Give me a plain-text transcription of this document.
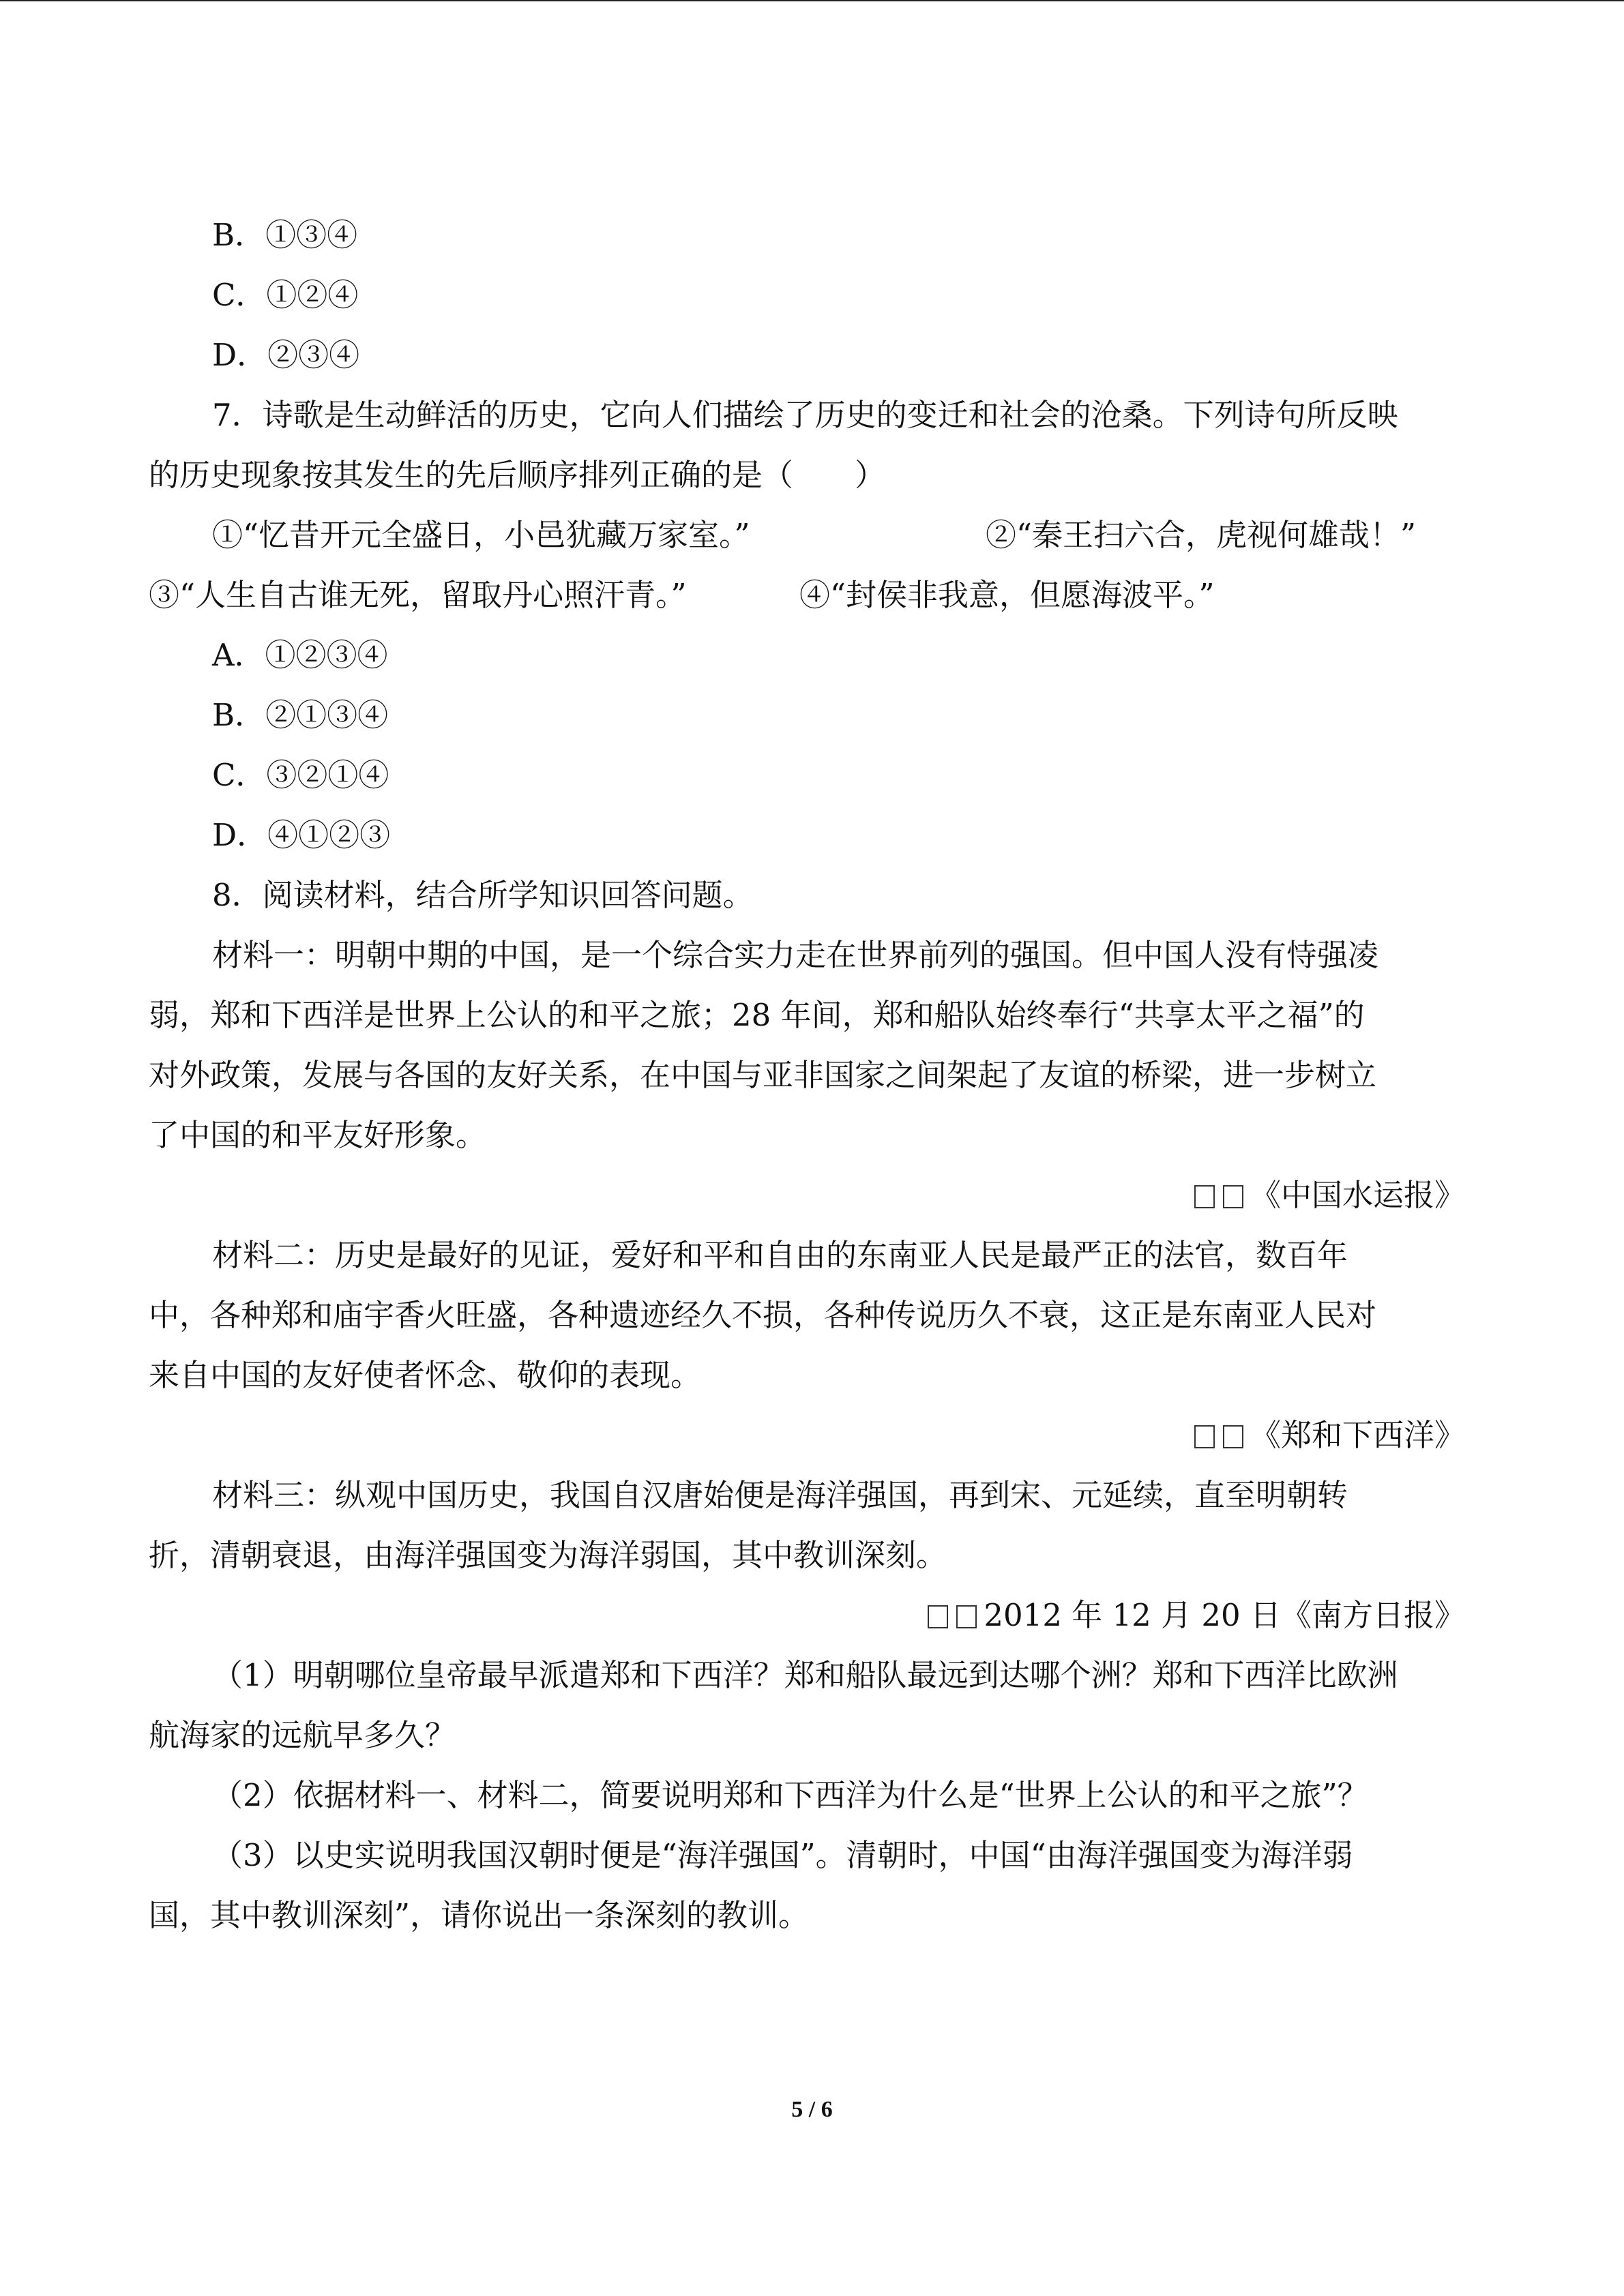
B．①③④
C．①②④
D．②③④
7．诗歌是生动鲜活的历史，它向人们描绘了历史的变迁和社会的沧桑。下列诗句所反映
的历史现象按其发生的先后顺序排列正确的是（　　）
①“忆昔开元全盛日，小邑犹藏万家室。”	②“秦王扫六合，虎视何雄哉！”
③“人生自古谁无死，留取丹心照汗青。”	④“封侯非我意，但愿海波平。”
A．①②③④
B．②①③④
C．③②①④
D．④①②③
8．阅读材料，结合所学知识回答问题。
材料一：明朝中期的中国，是一个综合实力走在世界前列的强国。但中国人没有恃强凌
弱，郑和下西洋是世界上公认的和平之旅；28 年间，郑和船队始终奉行“共享太平之福”的
对外政策，发展与各国的友好关系，在中国与亚非国家之间架起了友谊的桥梁，进一步树立
了中国的和平友好形象。
《中国水运报》
材料二：历史是最好的见证，爱好和平和自由的东南亚人民是最严正的法官，数百年
中，各种郑和庙宇香火旺盛，各种遗迹经久不损，各种传说历久不衰，这正是东南亚人民对
来自中国的友好使者怀念、敬仰的表现。
《郑和下西洋》
材料三：纵观中国历史，我国自汉唐始便是海洋强国，再到宋、元延续，直至明朝转
折，清朝衰退，由海洋强国变为海洋弱国，其中教训深刻。
2012 年 12 月 20 日《南方日报》
（1）明朝哪位皇帝最早派遣郑和下西洋？郑和船队最远到达哪个洲？郑和下西洋比欧洲
航海家的远航早多久？
（2）依据材料一、材料二，简要说明郑和下西洋为什么是“世界上公认的和平之旅”？
（3）以史实说明我国汉朝时便是“海洋强国”。清朝时，中国“由海洋强国变为海洋弱
国，其中教训深刻”，请你说出一条深刻的教训。
5 / 6
